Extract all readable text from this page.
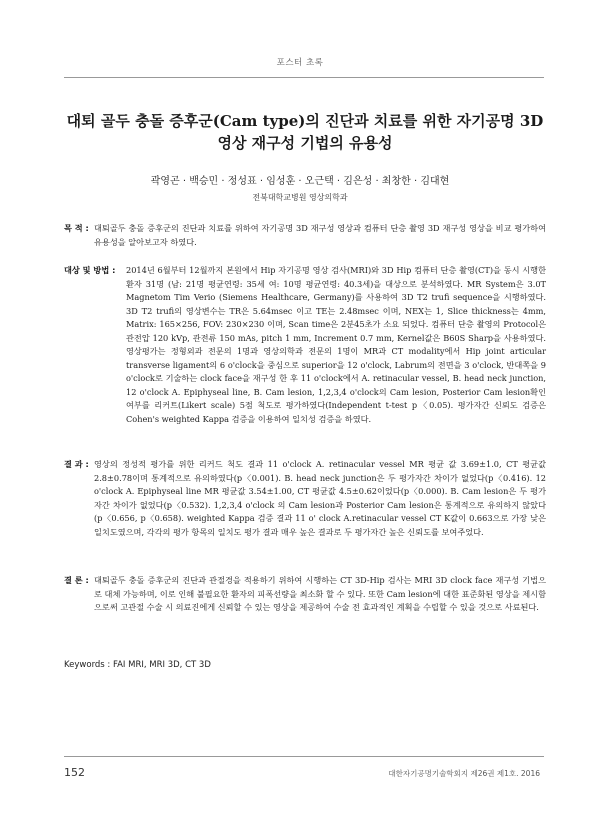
포스터 초록
대퇴 골두 충돌 증후군(Cam type)의 진단과 치료를 위한 자기공명 3D
영상 재구성 기법의 유용성
곽영곤 · 백승민 · 정성표 · 임성훈 · 오근택 · 김은성 · 최창한 · 김대현
전북대학교병원 영상의학과
목 적 : 대퇴골두 충돌 증후군의 진단과 치료를 위하여 자기공명 3D 재구성 영상과 컴퓨터 단층 촬영 3D 재구성 영상을 비교 평가하여 유용성을 알아보고자 하였다.
대상 및 방법 :	2014년 6월부터 12월까지 본원에서 Hip 자기공명 영상 검사(MRI)와 3D Hip 컴퓨터 단층 촬영(CT)을 동시 시행한 환자 31명 (남: 21명 평균연령: 35세 여: 10명 평균연령: 40.3세)을 대상으로 분석하였다. MR System은 3.0T Magnetom Tim Verio (Siemens Healthcare, Germany)를 사용하여 3D T2 trufi sequence을 시행하였다. 3D T2 trufi의 영상변수는 TR은 5.64msec 이고 TE는 2.48msec 이며, NEX는 1, Slice thickness는 4mm, Matrix: 165×256, FOV: 230×230 이며, Scan time은 2분45초가 소요 되었다. 컴퓨터 단층 촬영의 Protocol은 관전압 120 kVp, 관전류 150 mAs, pitch 1 mm, Increment 0.7 mm, Kernel값은 B60S Sharp을 사용하였다. 영상평가는 정형외과 전문의 1명과 영상의학과 전문의 1명이 MR과 CT modality에서 Hip joint articular transverse ligament의 6 o'clock을 중심으로 superior을 12 o'clock, Labrum의 전면을 3 o'clock, 반대쪽을 9 o'clock로 기술하는 clock face을 재구성 한 후 11 o'clock에서 A. retinacular vessel, B. head neck junction, 12 o'clock A. Epiphyseal line, B. Cam lesion, 1,2,3,4 o'clock의 Cam lesion, Posterior Cam lesion확인 여부를 리커트(Likert scale) 5점 척도로 평가하였다(Independent t-test p〈0.05). 평가자간 신뢰도 검증은 Cohen's weighted Kappa 검증을 이용하여 일치성 검증을 하였다.
결 과 : 영상의 정성적 평가를 위한 리커드 척도 결과 11 o'clock A. retinacular vessel MR 평균 값 3.69±1.0, CT 평균값 2.8±0.78이며 통계적으로 유의하였다(p〈0.001). B. head neck junction은 두 평가자간 차이가 없었다(p〈0.416). 12 o'clock A. Epiphyseal line MR 평균값 3.54±1.00, CT 평균값 4.5±0.62이었다(p〈0.000). B. Cam lesion은 두 평가자간 차이가 없었다(p〈0.532). 1,2,3,4 o'clock 의 Cam lesion과 Posterior Cam lesion은 통계적으로 유의하지 않았다(p〈0.656, p〈0.658). weighted Kappa 검증 결과 11 o' clock A.retinacular vessel CT K값이 0.663으로 가장 낮은 일치도였으며, 각각의 평가 항목의 일치도 평가 결과 매우 높은 결과로 두 평가자간 높은 신뢰도를 보여주었다.
결 론 : 대퇴골두 충돌 증후군의 진단과 관절경을 적용하기 위하여 시행하는 CT 3D-Hip 검사는 MRI 3D clock face 재구성 기법으로 대체 가능하며, 이로 인해 불필요한 환자의 피폭선량을 최소화 할 수 있다. 또한 Cam lesion에 대한 표준화된 영상을 제시함으로써 고관절 수술 시 의료진에게 신뢰할 수 있는 영상을 제공하여 수술 전 효과적인 계획을 수립할 수 있을 것으로 사료된다.
Keywords : FAI MRI, MRI 3D, CT 3D
152	대한자기공명기술학회지 제26권 제1호. 2016
